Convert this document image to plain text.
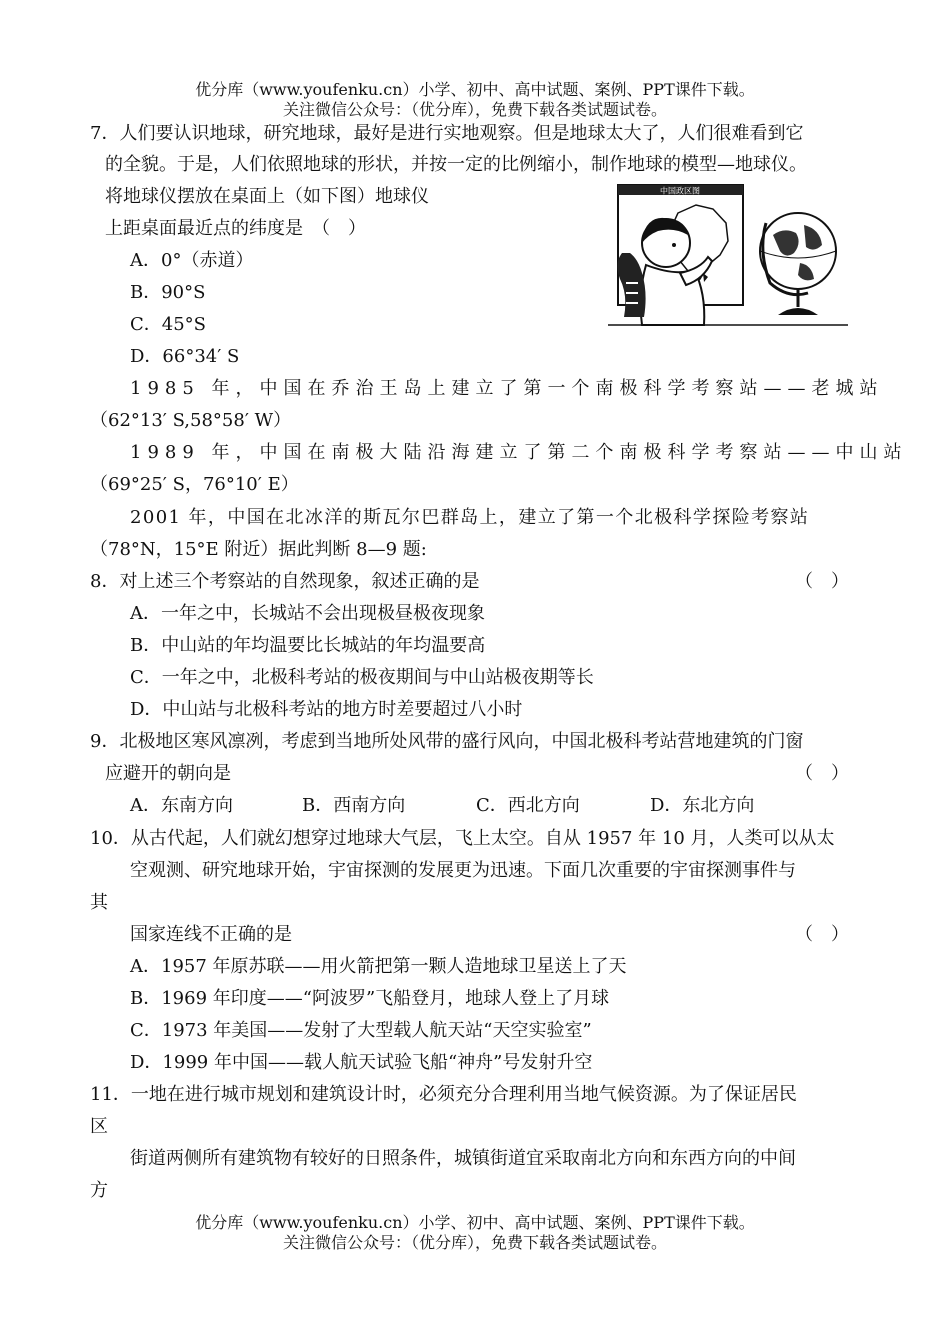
优分库（www.youfenku.cn）小学、初中、高中试题、案例、PPT课件下载。
关注微信公众号：（优分库），免费下载各类试题试卷。
7．人们要认识地球，研究地球，最好是进行实地观察。但是地球太大了，人们很难看到它
的全貌。于是，人们依照地球的形状，并按一定的比例缩小，制作地球的模型—地球仪。
将地球仪摆放在桌面上（如下图）地球仪
上距桌面最近点的纬度是　（　）
A．0°（赤道）
B．90°S
C．45°S
D．66°34′ S
中国政区图
1985 年，中国在乔治王岛上建立了第一个南极科学考察站——老城站
（62°13′ S,58°58′ W）
1989 年，中国在南极大陆沿海建立了第二个南极科学考察站——中山站
（69°25′ S，76°10′ E）
2001 年，中国在北冰洋的斯瓦尔巴群岛上，建立了第一个北极科学探险考察站
（78°N，15°E 附近）据此判断 8—9 题:
8．对上述三个考察站的自然现象，叙述正确的是	（　）
A．一年之中，长城站不会出现极昼极夜现象
B．中山站的年均温要比长城站的年均温要高
C．一年之中，北极科考站的极夜期间与中山站极夜期等长
D．中山站与北极科考站的地方时差要超过八小时
9．北极地区寒风凛冽，考虑到当地所处风带的盛行风向，中国北极科考站营地建筑的门窗
应避开的朝向是	（　）
A．东南方向	B．西南方向	C．西北方向	D．东北方向
10．从古代起，人们就幻想穿过地球大气层，飞上太空。自从 1957 年 10 月，人类可以从太
空观测、研究地球开始，宇宙探测的发展更为迅速。下面几次重要的宇宙探测事件与
其
国家连线不正确的是	（　）
A．1957 年原苏联——用火箭把第一颗人造地球卫星送上了天
B．1969 年印度——“阿波罗”飞船登月，地球人登上了月球
C．1973 年美国——发射了大型载人航天站“天空实验室”
D．1999 年中国——载人航天试验飞船“神舟”号发射升空
11．一地在进行城市规划和建筑设计时，必须充分合理利用当地气候资源。为了保证居民
区
街道两侧所有建筑物有较好的日照条件，城镇街道宜采取南北方向和东西方向的中间
方
优分库（www.youfenku.cn）小学、初中、高中试题、案例、PPT课件下载。
关注微信公众号：（优分库），免费下载各类试题试卷。
